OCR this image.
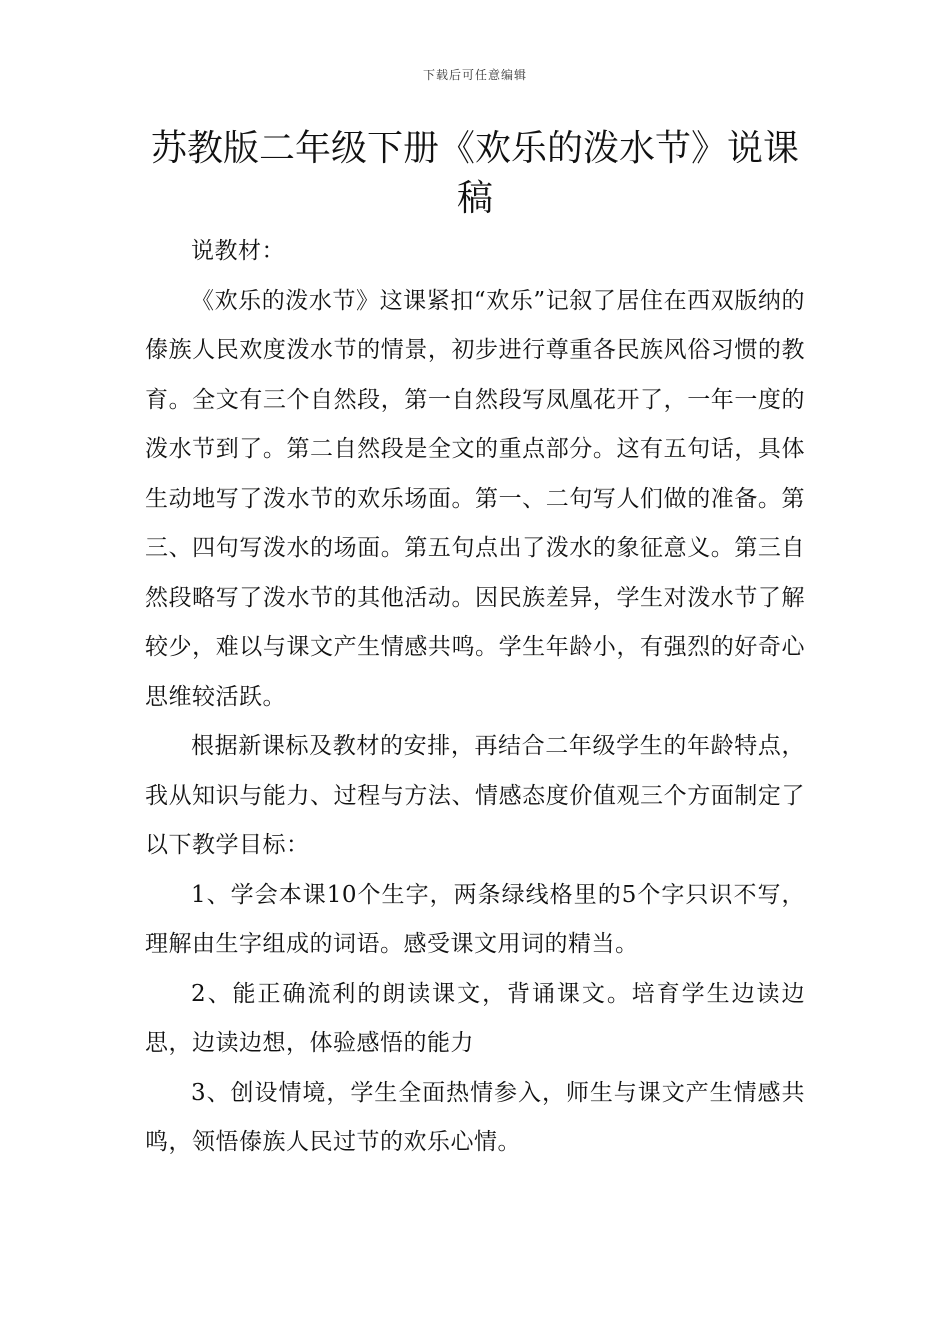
下载后可任意编辑
苏教版二年级下册《欢乐的泼水节》说课稿

说教材：

《欢乐的泼水节》这课紧扣“欢乐”记叙了居住在西双版纳的傣族人民欢度泼水节的情景，初步进行尊重各民族风俗习惯的教育。全文有三个自然段，第一自然段写凤凰花开了，一年一度的泼水节到了。第二自然段是全文的重点部分。这有五句话，具体生动地写了泼水节的欢乐场面。第一、二句写人们做的准备。第三、四句写泼水的场面。第五句点出了泼水的象征意义。第三自然段略写了泼水节的其他活动。因民族差异，学生对泼水节了解较少，难以与课文产生情感共鸣。学生年龄小，有强烈的好奇心思维较活跃。

根据新课标及教材的安排，再结合二年级学生的年龄特点，我从知识与能力、过程与方法、情感态度价值观三个方面制定了以下教学目标：

1、学会本课10个生字，两条绿线格里的5个字只识不写，理解由生字组成的词语。感受课文用词的精当。

2、能正确流利的朗读课文，背诵课文。培育学生边读边思，边读边想，体验感悟的能力

3、创设情境，学生全面热情参入，师生与课文产生情感共鸣，领悟傣族人民过节的欢乐心情。
